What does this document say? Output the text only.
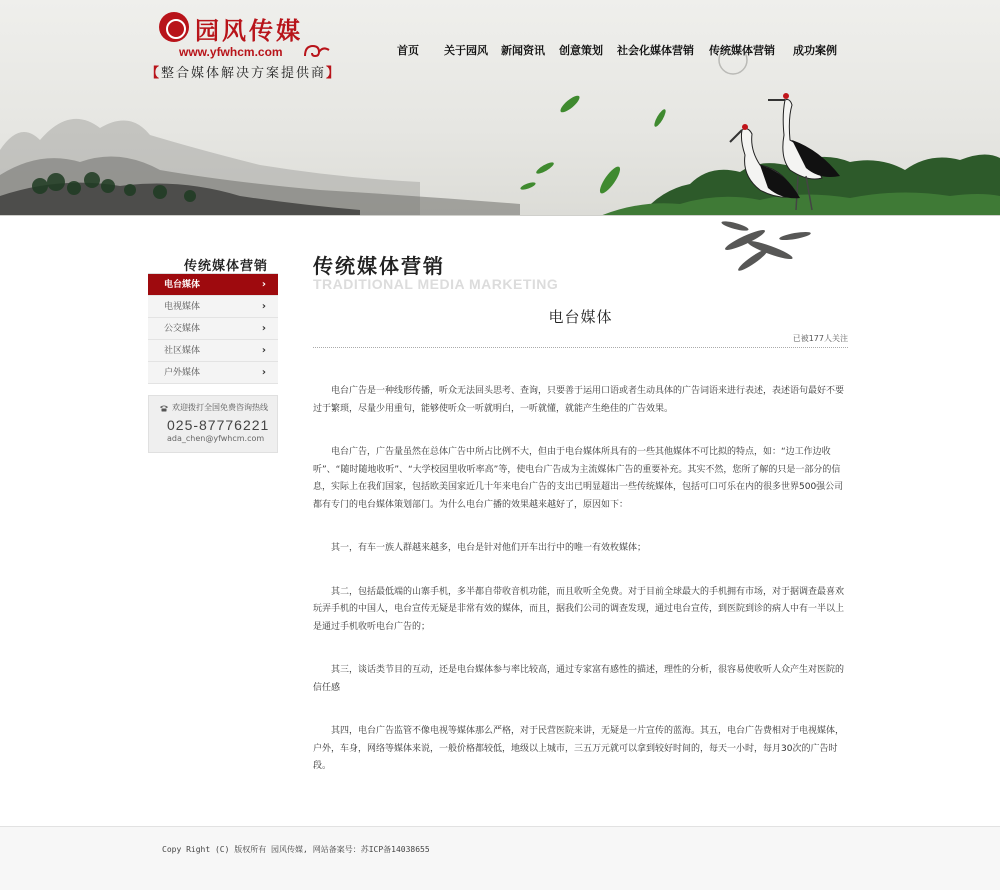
园风传媒
www.yfwhcm.com
【整合媒体解决方案提供商】
首页 关于园风 新闻资讯 创意策划 社会化媒体营销 传统媒体营销 成功案例
传统媒体营销
电台媒体	›
电视媒体	›
公交媒体	›
社区媒体	›
户外媒体	›
欢迎拨打全国免费咨询热线
025-87776221
ada_chen@yfwhcm.com
传统媒体营销
TRADITIONAL MEDIA MARKETING
电台媒体
已被177人关注

电台广告是一种线形传播，听众无法回头思考、查询，只要善于运用口语或者生动具体的广告词语来进行表述，表述语句最好不要过于繁琐，尽量少用重句，能够使听众一听就明白，一听就懂，就能产生绝佳的广告效果。

电台广告，广告量虽然在总体广告中所占比例不大，但由于电台媒体所具有的一些其他媒体不可比拟的特点，如：“边工作边收听”、“随时随地收听”、“大学校园里收听率高”等，使电台广告成为主流媒体广告的重要补充。其实不然，您所了解的只是一部分的信息，实际上在我们国家，包括欧美国家近几十年来电台广告的支出已明显超出一些传统媒体，包括可口可乐在内的很多世界500强公司都有专门的电台媒体策划部门。为什么电台广播的效果越来越好了，原因如下：

其一，有车一族人群越来越多，电台是针对他们开车出行中的唯一有效枚媒体；

其二，包括最低端的山寨手机，多半都自带收音机功能，而且收听全免费。对于目前全球最大的手机拥有市场，对于据调查最喜欢玩弄手机的中国人，电台宣传无疑是非常有效的媒体，而且，据我们公司的调查发现，通过电台宣传，到医院到诊的病人中有一半以上是通过手机收听电台广告的；

其三，谈话类节目的互动，还是电台媒体参与率比较高，通过专家富有感性的描述，理性的分析，很容易使收听人众产生对医院的信任感

其四，电台广告监管不像电视等媒体那么严格，对于民营医院来讲，无疑是一片宣传的蓝海。其五，电台广告费相对于电视媒体，户外，车身，网络等媒体来说，一般价格都较低，地级以上城市，三五万元就可以拿到较好时间的，每天一小时，每月30次的广告时段。

Copy Right (C) 版权所有 园风传媒, 网站备案号：苏ICP备14038655
